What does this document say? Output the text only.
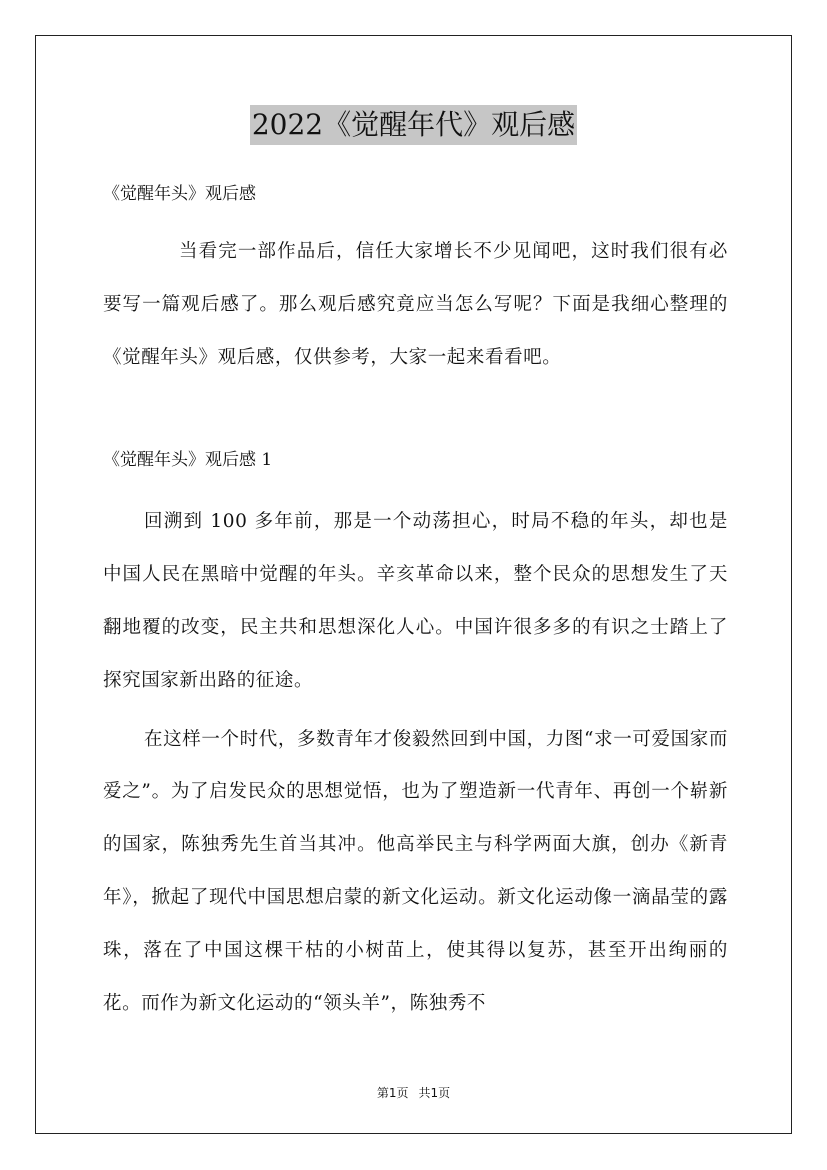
2022《觉醒年代》观后感

《觉醒年头》观后感

当看完一部作品后，信任大家增长不少见闻吧，这时我们很有必要写一篇观后感了。那么观后感究竟应当怎么写呢？下面是我细心整理的《觉醒年头》观后感，仅供参考，大家一起来看看吧。

《觉醒年头》观后感 1

回溯到 100 多年前，那是一个动荡担心，时局不稳的年头，却也是中国人民在黑暗中觉醒的年头。辛亥革命以来，整个民众的思想发生了天翻地覆的改变，民主共和思想深化人心。中国许很多多的有识之士踏上了探究国家新出路的征途。

在这样一个时代，多数青年才俊毅然回到中国，力图“求一可爱国家而爱之”。为了启发民众的思想觉悟，也为了塑造新一代青年、再创一个崭新的国家，陈独秀先生首当其冲。他高举民主与科学两面大旗，创办《新青年》，掀起了现代中国思想启蒙的新文化运动。新文化运动像一滴晶莹的露珠，落在了中国这棵干枯的小树苗上，使其得以复苏，甚至开出绚丽的花。而作为新文化运动的“领头羊”，陈独秀不

第1页 共1页
